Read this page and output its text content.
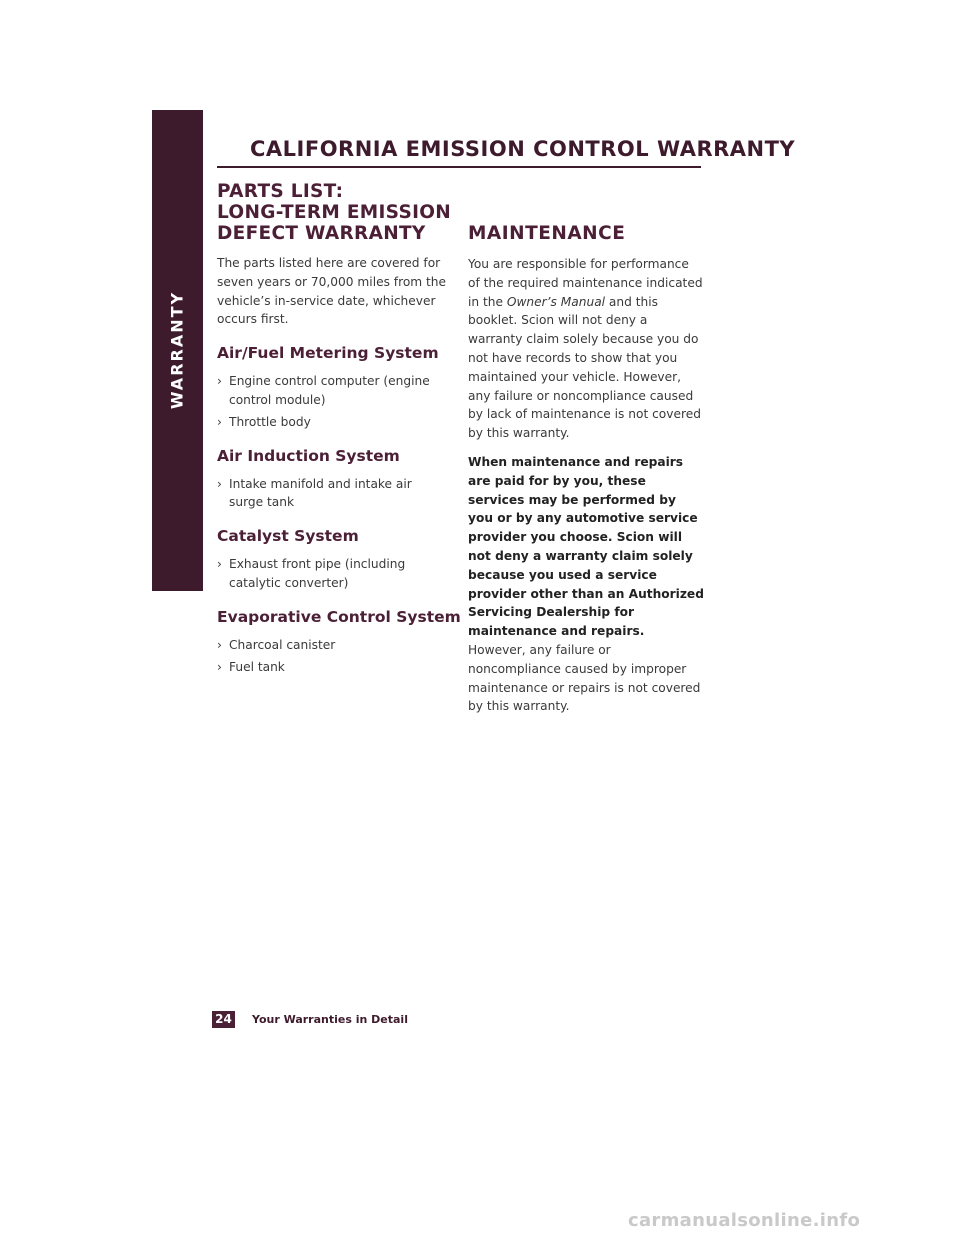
WARRANTY
CALIFORNIA EMISSION CONTROL WARRANTY
PARTS LIST:
LONG-TERM EMISSION
DEFECT WARRANTY

The parts listed here are covered for seven years or 70,000 miles from the vehicle’s in-service date, whichever occurs first.

Air/Fuel Metering System
› Engine control computer (engine control module)
› Throttle body
Air Induction System
› Intake manifold and intake air surge tank
Catalyst System
› Exhaust front pipe (including catalytic converter)
Evaporative Control System
› Charcoal canister
› Fuel tank
MAINTENANCE

You are responsible for performance of the required maintenance indicated in the Owner’s Manual and this booklet. Scion will not deny a warranty claim solely because you do not have records to show that you maintained your vehicle. However, any failure or noncompliance caused by lack of maintenance is not covered by this warranty.

When maintenance and repairs are paid for by you, these services may be performed by you or by any automotive service provider you choose. Scion will not deny a warranty claim solely because you used a service provider other than an Authorized Servicing Dealership for maintenance and repairs. However, any failure or noncompliance caused by improper maintenance or repairs is not covered by this warranty.

24 Your Warranties in Detail
carmanualsonline.info
